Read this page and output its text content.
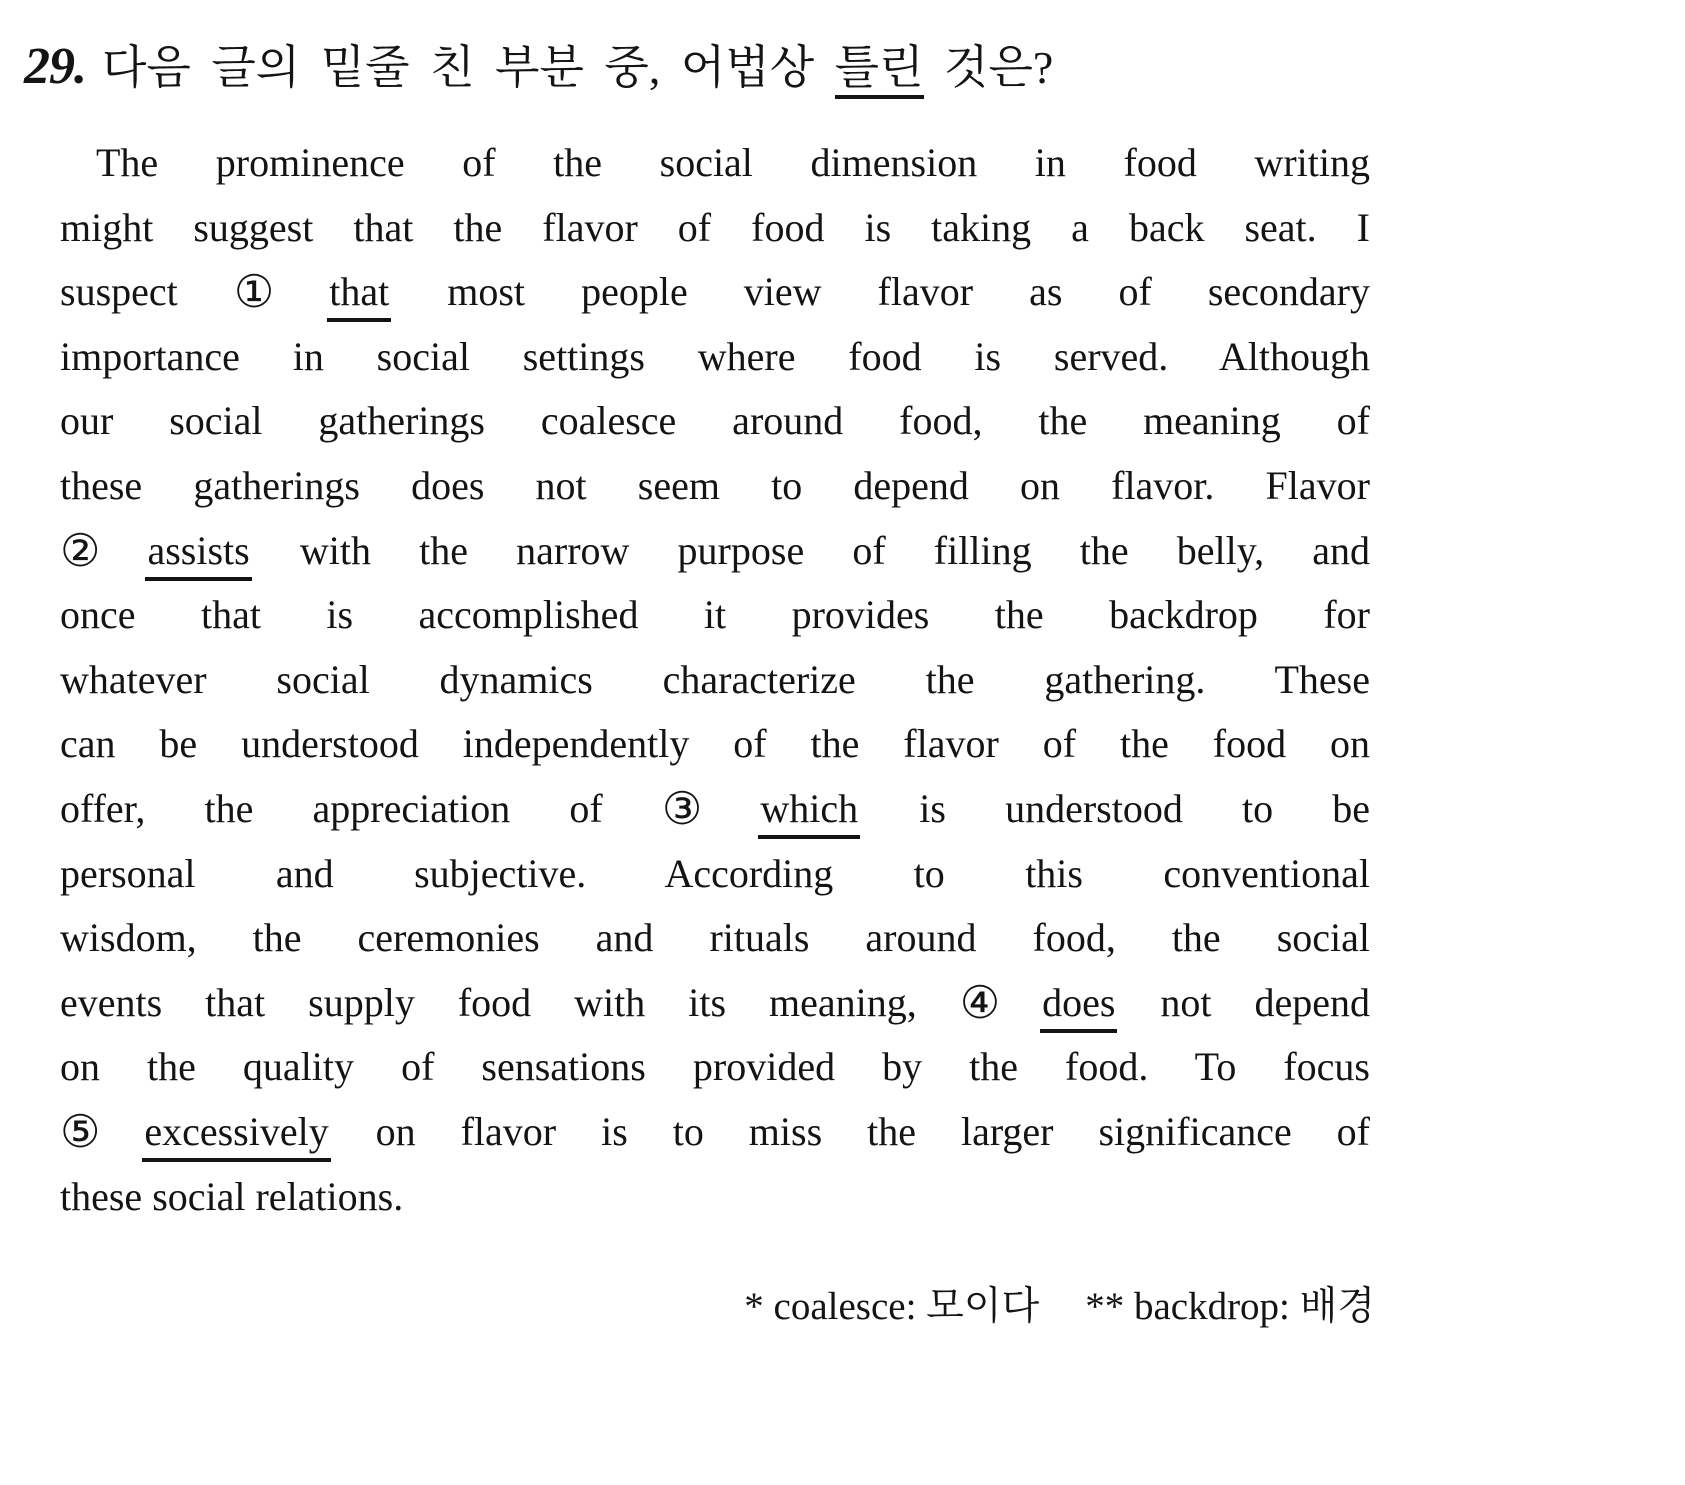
29. 다음 글의 밑줄 친 부분 중, 어법상 틀린 것은?
The prominence of the social dimension in food writing
might suggest that the flavor of food is taking a back seat. I
suspect ① that most people view flavor as of secondary
importance in social settings where food is served. Although
our social gatherings coalesce around food, the meaning of
these gatherings does not seem to depend on flavor. Flavor
② assists with the narrow purpose of filling the belly, and
once that is accomplished it provides the backdrop for
whatever social dynamics characterize the gathering. These
can be understood independently of the flavor of the food on
offer, the appreciation of ③ which is understood to be
personal and subjective. According to this conventional
wisdom, the ceremonies and rituals around food, the social
events that supply food with its meaning, ④ does not depend
on the quality of sensations provided by the food. To focus
⑤ excessively on flavor is to miss the larger significance of
these social relations.
* coalesce: 모이다 ** backdrop: 배경
